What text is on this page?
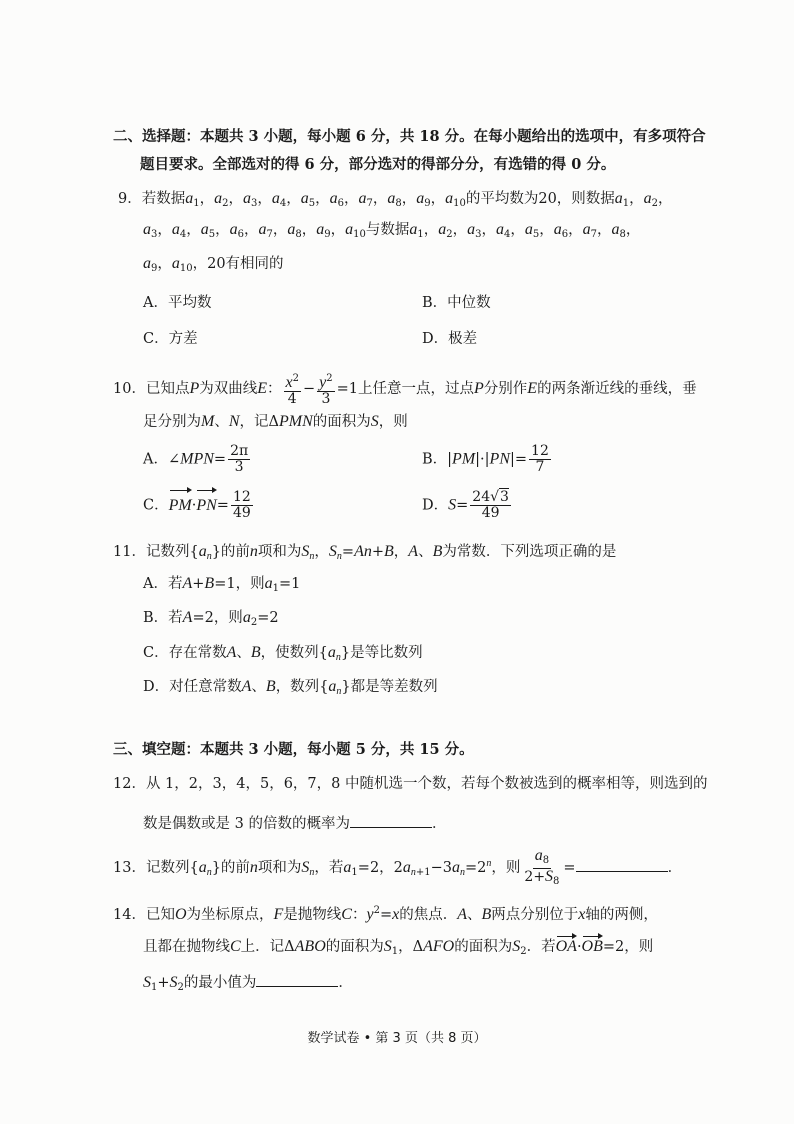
二、选择题：本题共 3 小题，每小题 6 分，共 18 分。在每小题给出的选项中，有多项符合
题目要求。全部选对的得 6 分，部分选对的得部分分，有选错的得 0 分。
9．若数据$a_1$，$a_2$，$a_3$，$a_4$，$a_5$，$a_6$，$a_7$，$a_8$，$a_9$，$a_{10}$的平均数为20，则数据$a_1$，$a_2$，
$a_3$，$a_4$，$a_5$，$a_6$，$a_7$，$a_8$，$a_9$，$a_{10}$与数据$a_1$，$a_2$，$a_3$，$a_4$，$a_5$，$a_6$，$a_7$，$a_8$，
$a_9$，$a_{10}$，20有相同的
A．平均数	B．中位数
C．方差	D．极差
10．已知点P为双曲线E： $\frac{x^2}{4} - \frac{y^2}{3} =1$上任意一点，过点P分别作E的两条渐近线的垂线，垂
足分别为M、N，记ΔPMN的面积为S，则
A．∠MPN= $\frac{2\pi}{3}$	B．$|PM|\cdot|PN|= \frac{12}{7}$
C．$PM\cdot PN= \frac{12}{49}$	D．$S= \frac{24√3}{49}$
11．记数列$\{a_n\}$的前n项和为$S_n$，$S_n=An+B$，A、B为常数．下列选项正确的是
A．若A+B=1，则$a_1=1$
B．若A=2，则$a_2=2$
C．存在常数A、B，使数列$\{a_n\}$是等比数列
D．对任意常数A、B，数列$\{a_n\}$都是等差数列
三、填空题：本题共 3 小题，每小题 5 分，共 15 分。
12．从 1，2，3，4，5，6，7，8 中随机选一个数，若每个数被选到的概率相等，则选到的
数是偶数或是 3 的倍数的概率为	．
13．记数列$\{a_n\}$的前n项和为$S_n$，若$a_1=2$，$2a_{n+1}-3a_n=2^n$，则 $\frac{a_8}{2+S_8}$ =	．
14．已知O为坐标原点，F是抛物线C：$y^2=x$的焦点．A、B两点分别位于x轴的两侧，
且都在抛物线C上．记ΔABO的面积为$S_1$，ΔAFO的面积为$S_2$．若OA·OB=2，则
$S_1+S_2$的最小值为	．
数学试卷 • 第 3 页（共 8 页）
